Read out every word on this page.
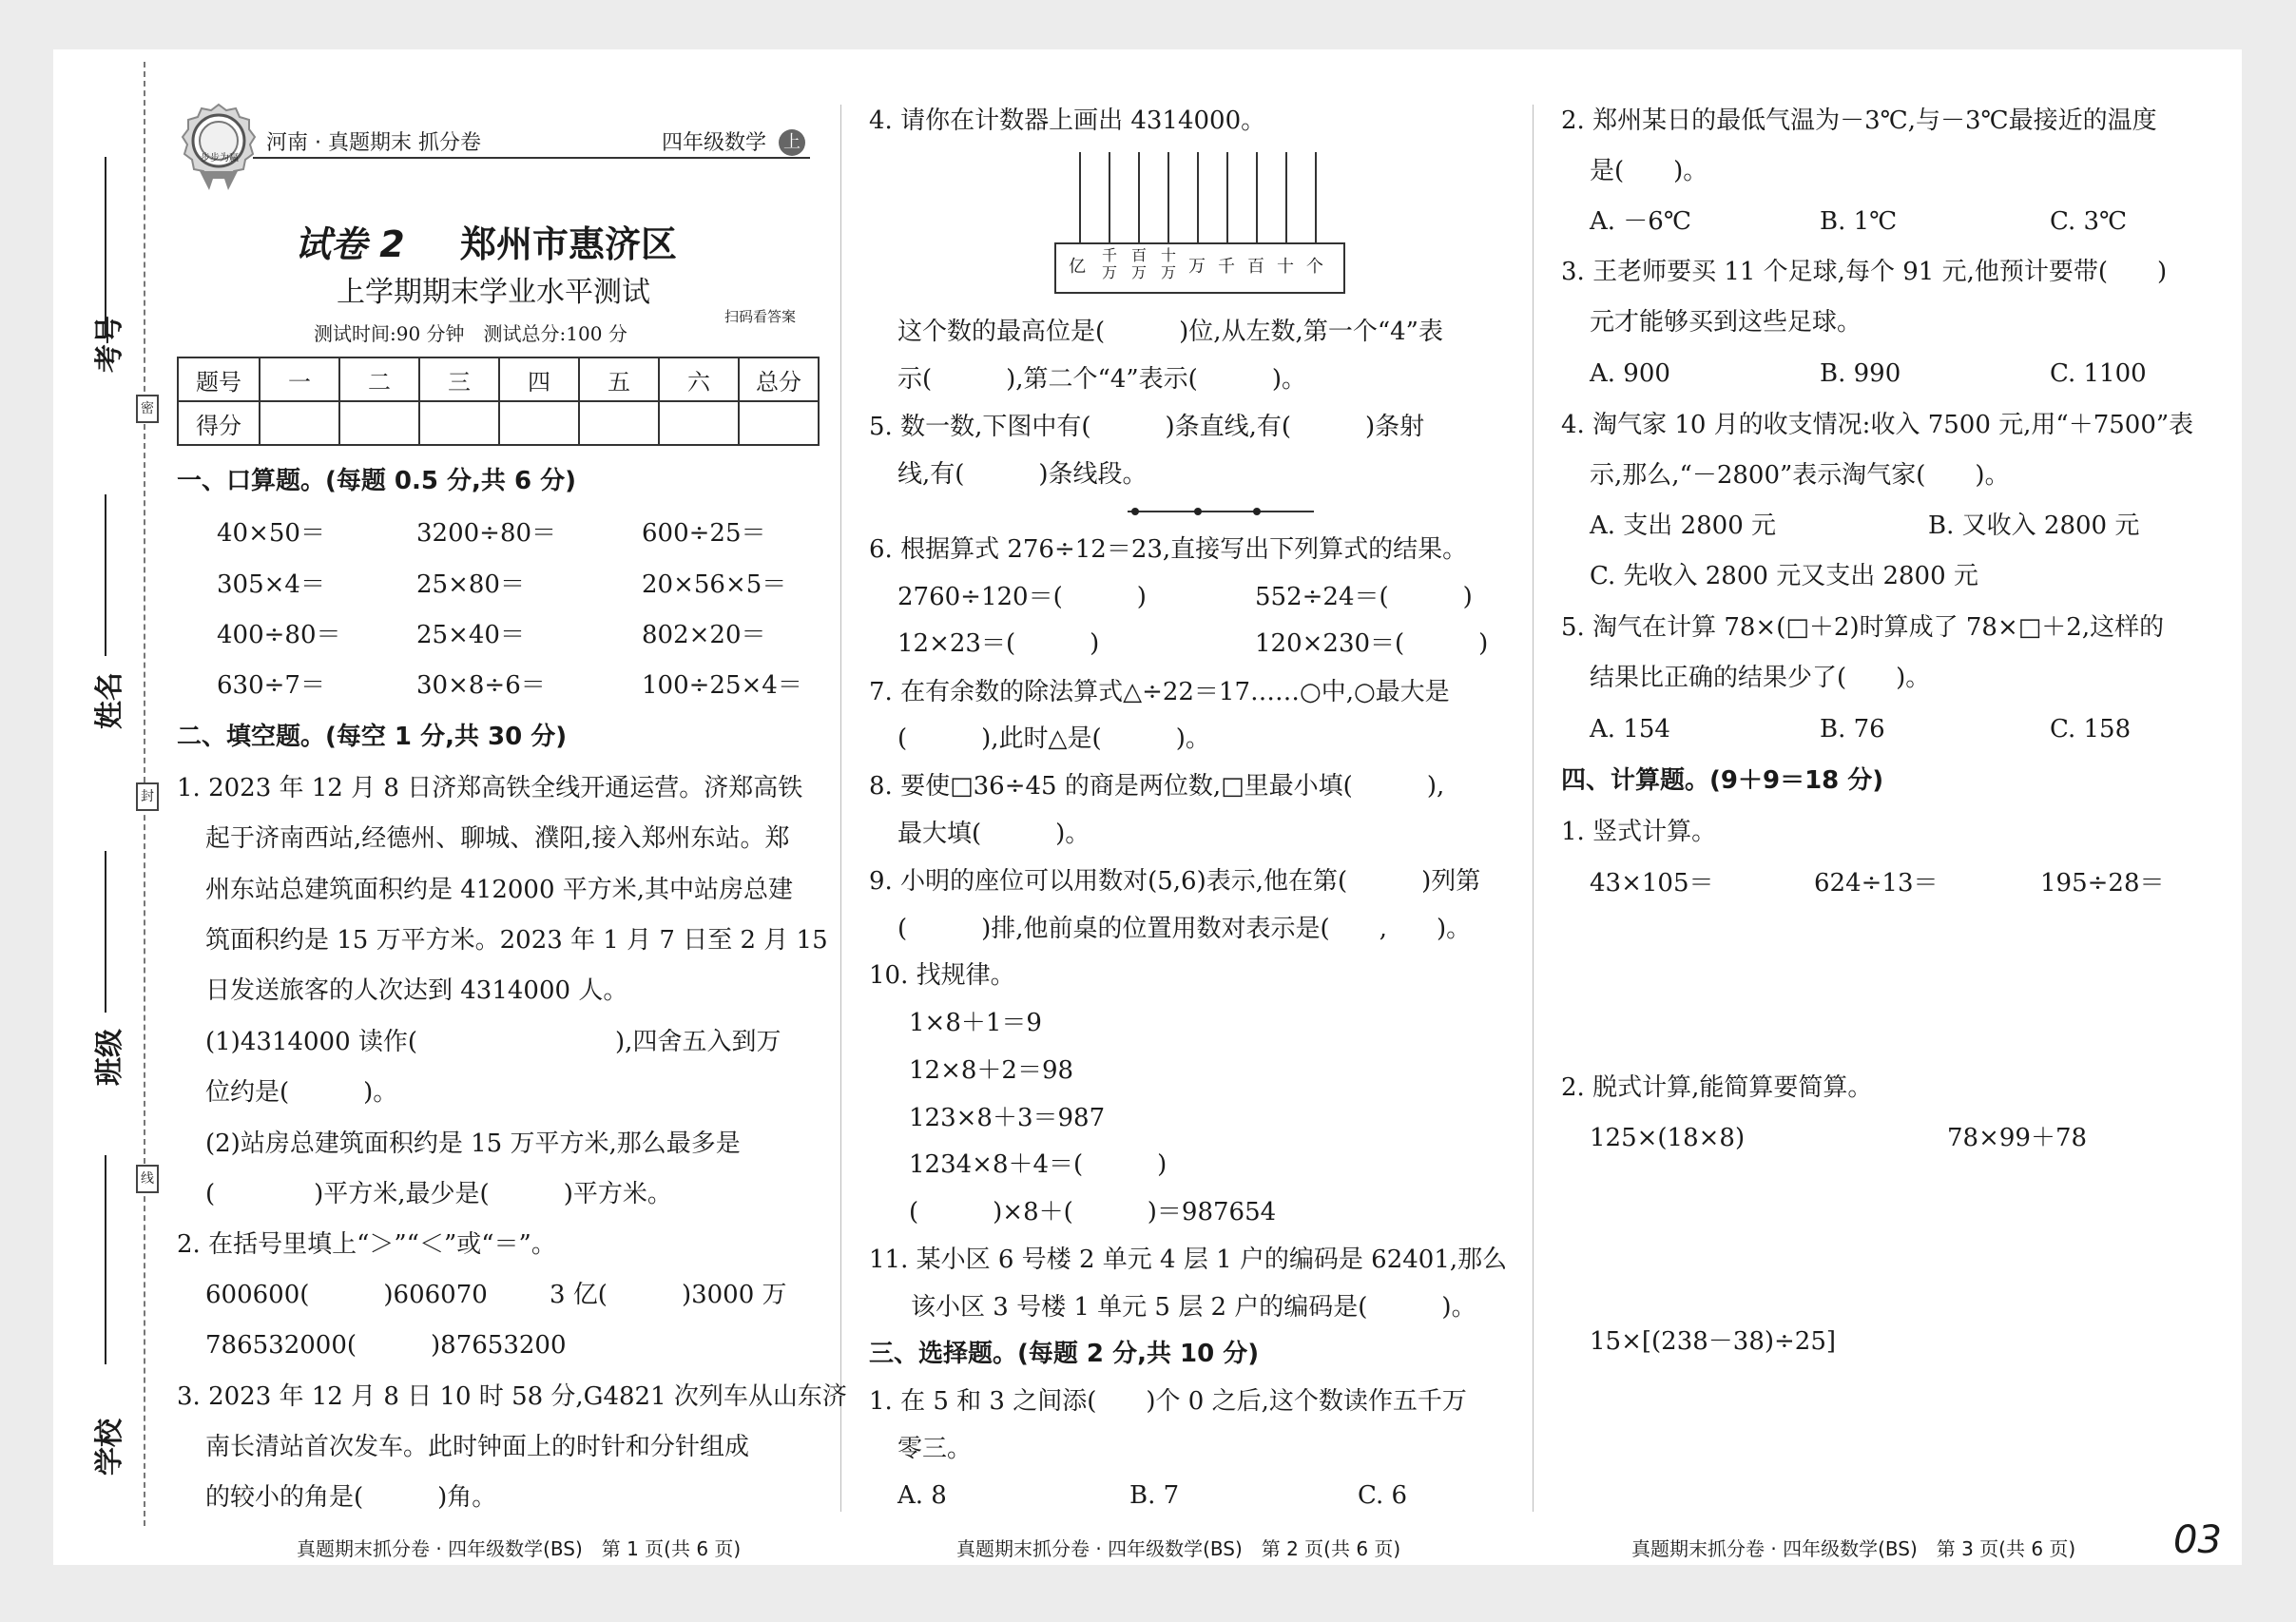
考号
姓名
班级
学校
密
封
线
步步为赢
河南 · 真题期末 抓分卷	四年级数学 上
试卷 2 郑州市惠济区
上学期期末学业水平测试
测试时间:90 分钟　测试总分:100 分
扫码看答案
题号	一	二	三	四	五	六	总分
得分							
一、口算题。(每题 0.5 分,共 6 分)
40×50＝	3200÷80＝	600÷25＝
305×4＝	25×80＝	20×56×5＝
400÷80＝	25×40＝	802×20＝
630÷7＝	30×8÷6＝	100÷25×4＝
二、填空题。(每空 1 分,共 30 分)
1. 2023 年 12 月 8 日济郑高铁全线开通运营。济郑高铁
起于济南西站,经德州、聊城、濮阳,接入郑州东站。郑
州东站总建筑面积约是 412000 平方米,其中站房总建
筑面积约是 15 万平方米。2023 年 1 月 7 日至 2 月 15
日发送旅客的人次达到 4314000 人。
(1)4314000 读作(　　　　　　　　),四舍五入到万
位约是(　　　)。
(2)站房总建筑面积约是 15 万平方米,那么最多是
(　　　　)平方米,最少是(　　　)平方米。
2. 在括号里填上“＞”“＜”或“＝”。
600600(　　　)606070	3 亿(　　　)3000 万
786532000(　　　)87653200
3. 2023 年 12 月 8 日 10 时 58 分,G4821 次列车从山东济
南长清站首次发车。此时钟面上的时针和分针组成
的较小的角是(　　　)角。
4. 请你在计数器上画出 4314000。
亿
千万
百万
十万 万 千 百 十 个
这个数的最高位是(　　　)位,从左数,第一个“4”表
示(　　　),第二个“4”表示(　　　)。
5. 数一数,下图中有(　　　)条直线,有(　　　)条射
线,有(　　　)条线段。
6. 根据算式 276÷12＝23,直接写出下列算式的结果。
2760÷120＝(　　　)	552÷24＝(　　　)
12×23＝(　　　)	120×230＝(　　　)
7. 在有余数的除法算式△÷22＝17……○中,○最大是
(　　　),此时△是(　　　)。
8. 要使□36÷45 的商是两位数,□里最小填(　　　),
最大填(　　　)。
9. 小明的座位可以用数对(5,6)表示,他在第(　　　)列第
(　　　)排,他前桌的位置用数对表示是(　　,　　)。
10. 找规律。
1×8＋1＝9
12×8＋2＝98
123×8＋3＝987
1234×8＋4＝(　　　)
(　　　)×8＋(　　　)＝987654
11. 某小区 6 号楼 2 单元 4 层 1 户的编码是 62401,那么
该小区 3 号楼 1 单元 5 层 2 户的编码是(　　　)。
三、选择题。(每题 2 分,共 10 分)
1. 在 5 和 3 之间添(　　)个 0 之后,这个数读作五千万
零三。
A. 8	B. 7	C. 6
2. 郑州某日的最低气温为－3℃,与－3℃最接近的温度
是(　　)。
A. －6℃	B. 1℃	C. 3℃
3. 王老师要买 11 个足球,每个 91 元,他预计要带(　　)
元才能够买到这些足球。
A. 900	B. 990	C. 1100
4. 淘气家 10 月的收支情况:收入 7500 元,用“＋7500”表
示,那么,“－2800”表示淘气家(　　)。
A. 支出 2800 元	B. 又收入 2800 元
C. 先收入 2800 元又支出 2800 元
5. 淘气在计算 78×(□＋2)时算成了 78×□＋2,这样的
结果比正确的结果少了(　　)。
A. 154	B. 76	C. 158
四、计算题。(9＋9＝18 分)
1. 竖式计算。
43×105＝	624÷13＝	195÷28＝
2. 脱式计算,能简算要简算。
125×(18×8)	78×99＋78
15×[(238－38)÷25]
真题期末抓分卷 · 四年级数学(BS)　第 1 页(共 6 页)	真题期末抓分卷 · 四年级数学(BS)　第 2 页(共 6 页)	真题期末抓分卷 · 四年级数学(BS)　第 3 页(共 6 页)	03
